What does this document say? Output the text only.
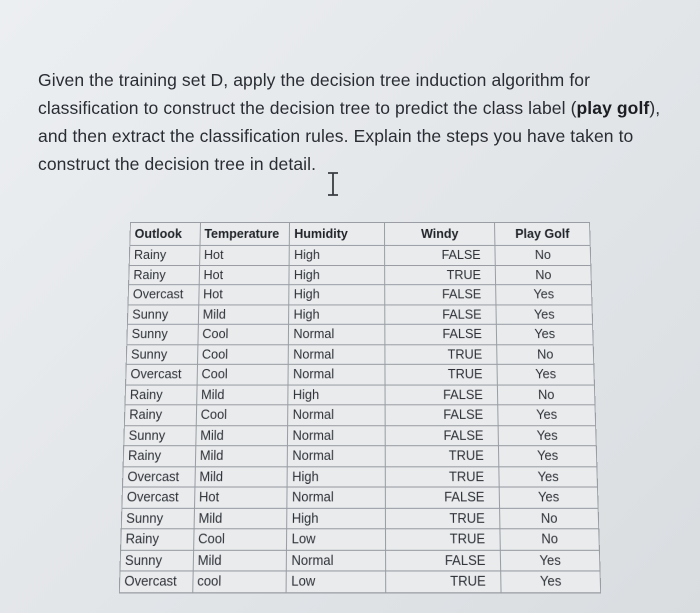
Given the training set D, apply the decision tree induction algorithm for classification to construct the decision tree to predict the class label (play golf), and then extract the classification rules. Explain the steps you have taken to construct the decision tree in detail.
Outlook	Temperature	Humidity	Windy	Play Golf
Rainy	Hot	High	FALSE	No
Rainy	Hot	High	TRUE	No
Overcast	Hot	High	FALSE	Yes
Sunny	Mild	High	FALSE	Yes
Sunny	Cool	Normal	FALSE	Yes
Sunny	Cool	Normal	TRUE	No
Overcast	Cool	Normal	TRUE	Yes
Rainy	Mild	High	FALSE	No
Rainy	Cool	Normal	FALSE	Yes
Sunny	Mild	Normal	FALSE	Yes
Rainy	Mild	Normal	TRUE	Yes
Overcast	Mild	High	TRUE	Yes
Overcast	Hot	Normal	FALSE	Yes
Sunny	Mild	High	TRUE	No
Rainy	Cool	Low	TRUE	No
Sunny	Mild	Normal	FALSE	Yes
Overcast	cool	Low	TRUE	Yes
